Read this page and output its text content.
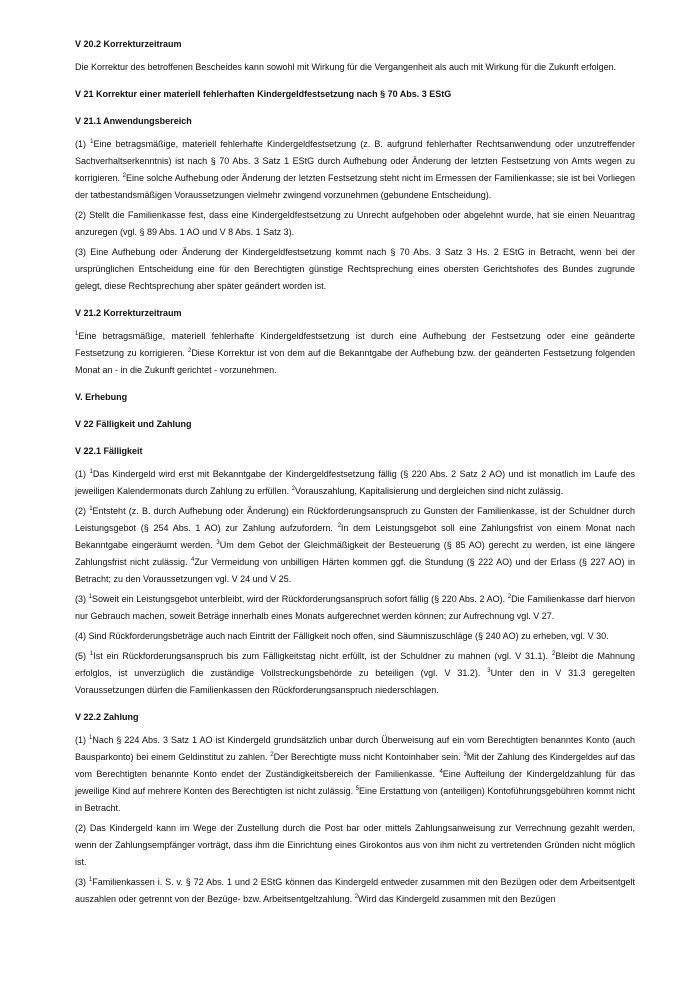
V 20.2 Korrekturzeitraum

Die Korrektur des betroffenen Bescheides kann sowohl mit Wirkung für die Vergangenheit als auch mit Wirkung für die Zukunft erfolgen.

V 21 Korrektur einer materiell fehlerhaften Kindergeldfestsetzung nach § 70 Abs. 3 EStG
V 21.1 Anwendungsbereich

(1) $^1$Eine betragsmäßige, materiell fehlerhafte Kindergeldfestsetzung (z. B. aufgrund fehlerhafter Rechtsanwendung oder unzutreffender Sachverhaltserkenntnis) ist nach § 70 Abs. 3 Satz 1 EStG durch Aufhebung oder Änderung der letzten Festsetzung von Amts wegen zu korrigieren. $^2$Eine solche Aufhebung oder Änderung der letzten Festsetzung steht nicht im Ermessen der Familienkasse; sie ist bei Vorliegen der tatbestandsmäßigen Voraussetzungen vielmehr zwingend vorzunehmen (gebundene Entscheidung).

(2) Stellt die Familienkasse fest, dass eine Kindergeldfestsetzung zu Unrecht aufgehoben oder abgelehnt wurde, hat sie einen Neuantrag anzuregen (vgl. § 89 Abs. 1 AO und V 8 Abs. 1 Satz 3).

(3) Eine Aufhebung oder Änderung der Kindergeldfestsetzung kommt nach § 70 Abs. 3 Satz 3 Hs. 2 EStG in Betracht, wenn bei der ursprünglichen Entscheidung eine für den Berechtigten günstige Rechtsprechung eines obersten Gerichtshofes des Bundes zugrunde gelegt, diese Rechtsprechung aber später geändert worden ist.

V 21.2 Korrekturzeitraum

$^1$Eine betragsmäßige, materiell fehlerhafte Kindergeldfestsetzung ist durch eine Aufhebung der Festsetzung oder eine geänderte Festsetzung zu korrigieren. $^2$Diese Korrektur ist von dem auf die Bekanntgabe der Aufhebung bzw. der geänderten Festsetzung folgenden Monat an - in die Zukunft gerichtet - vorzunehmen.

V. Erhebung
V 22 Fälligkeit und Zahlung
V 22.1 Fälligkeit

(1) $^1$Das Kindergeld wird erst mit Bekanntgabe der Kindergeldfestsetzung fällig (§ 220 Abs. 2 Satz 2 AO) und ist monatlich im Laufe des jeweiligen Kalendermonats durch Zahlung zu erfüllen. $^2$Vorauszahlung, Kapitalisierung und dergleichen sind nicht zulässig.

(2) $^1$Entsteht (z. B. durch Aufhebung oder Änderung) ein Rückforderungsanspruch zu Gunsten der Familienkasse, ist der Schuldner durch Leistungsgebot (§ 254 Abs. 1 AO) zur Zahlung aufzufordern. $^2$In dem Leistungsgebot soll eine Zahlungsfrist von einem Monat nach Bekanntgabe eingeräumt werden. $^3$Um dem Gebot der Gleichmäßigkeit der Besteuerung (§ 85 AO) gerecht zu werden, ist eine längere Zahlungsfrist nicht zulässig. $^4$Zur Vermeidung von unbilligen Härten kommen ggf. die Stundung (§ 222 AO) und der Erlass (§ 227 AO) in Betracht; zu den Voraussetzungen vgl. V 24 und V 25.

(3) $^1$Soweit ein Leistungsgebot unterbleibt, wird der Rückforderungsanspruch sofort fällig (§ 220 Abs. 2 AO). $^2$Die Familienkasse darf hiervon nur Gebrauch machen, soweit Beträge innerhalb eines Monats aufgerechnet werden können; zur Aufrechnung vgl. V 27.

(4) Sind Rückforderungsbeträge auch nach Eintritt der Fälligkeit noch offen, sind Säumniszuschläge (§ 240 AO) zu erheben, vgl. V 30.

(5) $^1$Ist ein Rückforderungsanspruch bis zum Fälligkeitstag nicht erfüllt, ist der Schuldner zu mahnen (vgl. V 31.1). $^2$Bleibt die Mahnung erfolglos, ist unverzüglich die zuständige Vollstreckungsbehörde zu beteiligen (vgl. V 31.2). $^3$Unter den in V 31.3 geregelten Voraussetzungen dürfen die Familienkassen den Rückforderungsanspruch niederschlagen.

V 22.2 Zahlung

(1) $^1$Nach § 224 Abs. 3 Satz 1 AO ist Kindergeld grundsätzlich unbar durch Überweisung auf ein vom Berechtigten benanntes Konto (auch Bausparkonto) bei einem Geldinstitut zu zahlen. $^2$Der Berechtigte muss nicht Kontoinhaber sein. $^3$Mit der Zahlung des Kindergeldes auf das vom Berechtigten benannte Konto endet der Zuständigkeitsbereich der Familienkasse. $^4$Eine Aufteilung der Kindergeldzahlung für das jeweilige Kind auf mehrere Konten des Berechtigten ist nicht zulässig. $^5$Eine Erstattung von (anteiligen) Kontoführungsgebühren kommt nicht in Betracht.

(2) Das Kindergeld kann im Wege der Zustellung durch die Post bar oder mittels Zahlungsanweisung zur Verrechnung gezahlt werden, wenn der Zahlungsempfänger vorträgt, dass ihm die Einrichtung eines Girokontos aus von ihm nicht zu vertretenden Gründen nicht möglich ist.

(3) $^1$Familienkassen i. S. v. § 72 Abs. 1 und 2 EStG können das Kindergeld entweder zusammen mit den Bezügen oder dem Arbeitsentgelt auszahlen oder getrennt von der Bezüge- bzw. Arbeitsentgeltzahlung. $^2$Wird das Kindergeld zusammen mit den Bezügen
